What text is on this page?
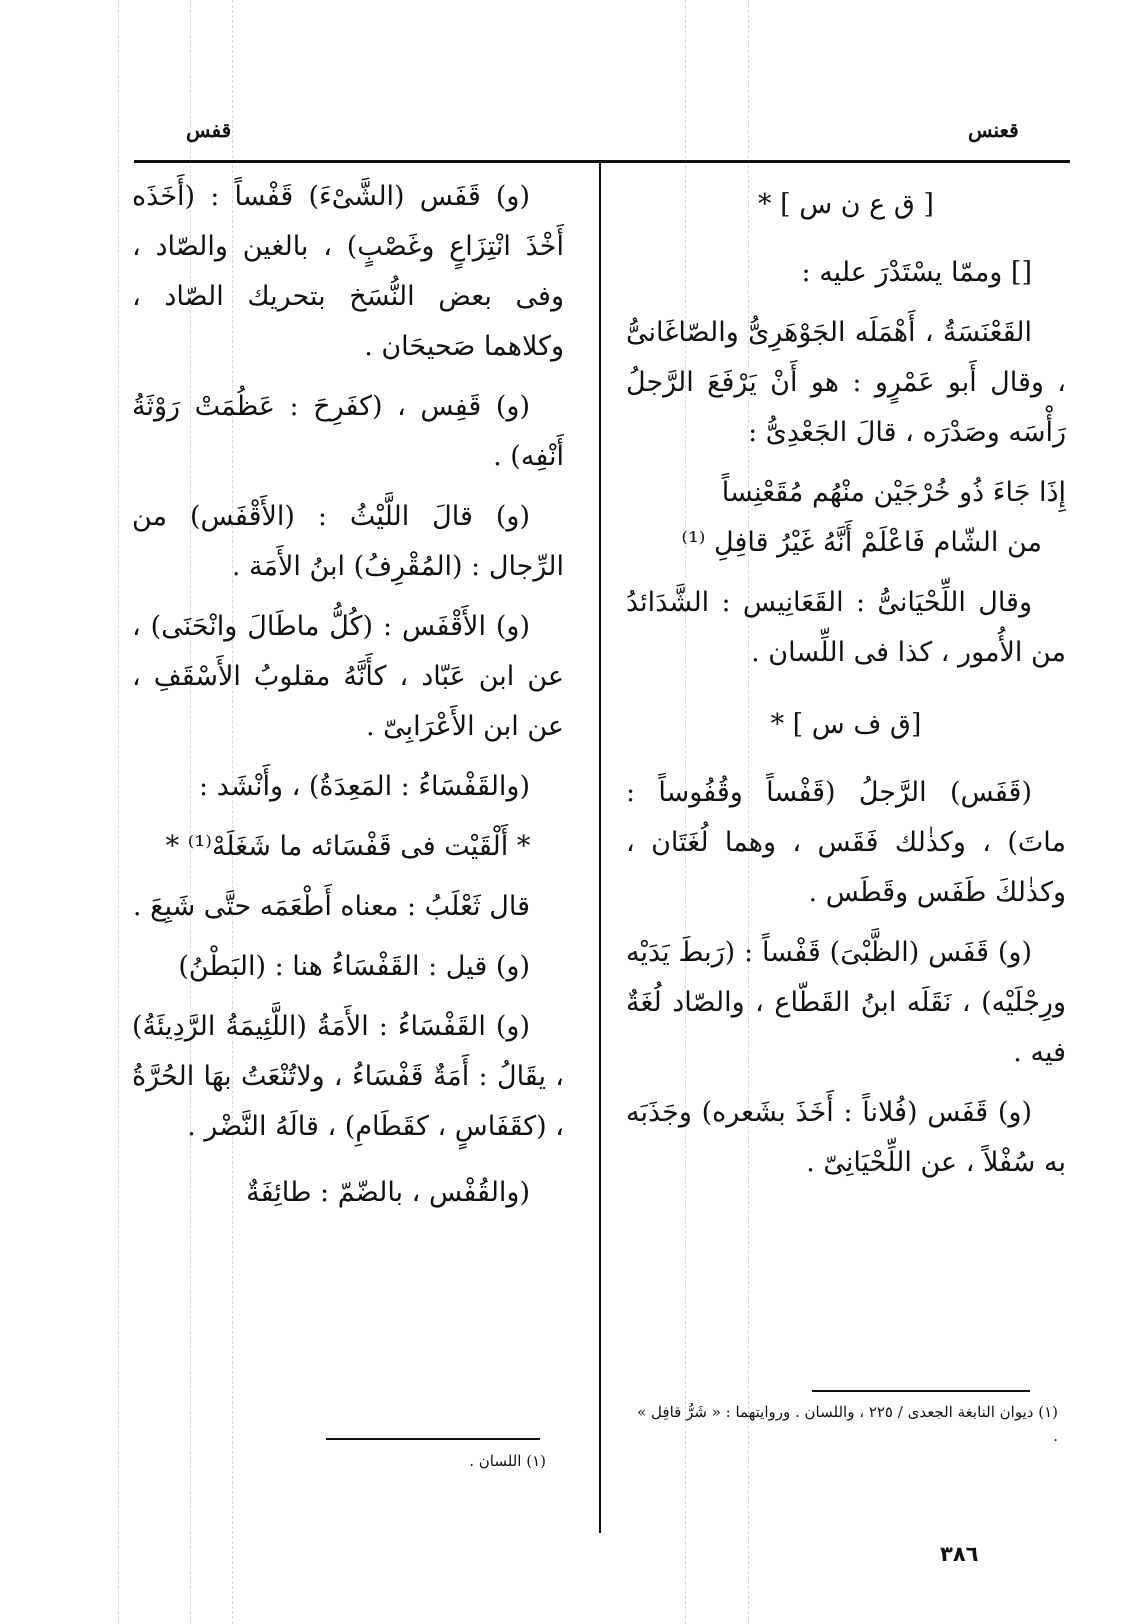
قعنس
قفس

[ ق ع ن س ] *

[] وممّا يسْتَدْرَ عليه :

القَعْنَسَةُ ، أَهْمَلَه الجَوْهَرِىُّ والصّاغَانىُّ ، وقال أَبو عَمْرٍو : هو أَنْ يَرْفَعَ الرَّجلُ رَأْسَه وصَدْرَه ، قالَ الجَعْدِىُّ :

إِذَا جَاءَ ذُو خُرْجَيْن منْهُم مُقَعْنِساً

من الشّام فَاعْلَمْ أَنَّهُ غَيْرُ قافِلِ ⁽¹⁾

وقال اللِّحْيَانىُّ : القَعَانِيس : الشَّدَائدُ من الأُمور ، كذا فى اللِّسان .

[ق ف س ] *

(قَفَس) الرَّجلُ (قَفْساً وقُفُوساً : ماتَ) ، وكذٰلك فَقَس ، وهما لُغَتَان ، وكذٰلكَ طَفَس وقَطَس .

(و) قَفَس (الظَّبْىَ) قَفْساً : (رَبطَ يَدَيْه ورِجْلَيْه) ، نَقَلَه ابنُ القَطّاع ، والصّاد لُغَةٌ فيه .

(و) قَفَس (فُلاناً : أَخَذَ بشَعره) وجَذَبَه به سُفْلاً ، عن اللِّحْيَانِىّ .

(و) قَفَس (الشَّىْءَ) قَفْساً : (أَخَذَه أَخْذَ انْتِزَاعٍ وغَصْبٍ) ، بالغين والصّاد ، وفى بعض النُّسَخ بتحريك الصّاد ، وكلاهما صَحيحَان .

(و) قَفِس ، (كفَرِحَ : عَظُمَتْ رَوْثَةُ أَنْفِه) .

(و) قالَ اللَّيْثُ : (الأَقْفَس) من الرِّجال : (المُقْرِفُ) ابنُ الأَمَة .

(و) الأَقْفَس : (كُلُّ ماطَالَ وانْحَنَى) ، عن ابن عَبّاد ، كأَنَّهُ مقلوبُ الأَسْقَفِ ، عن ابن الأَعْرَابِىّ .

(والقَفْسَاءُ : المَعِدَةُ) ، وأَنْشَد :

* أَلْقَيْت فى قَفْسَائه ما شَغَلَهْ⁽¹⁾ *

قال ثَعْلَبُ : معناه أَطْعَمَه حتَّى شَبِعَ .

(و) قيل : القَفْسَاءُ هنا : (البَطْنُ)

(و) القَفْسَاءُ : الأَمَةُ (اللَّئِيمَةُ الرَّدِيئَةُ) ، يقَالُ : أَمَةٌ قَفْسَاءُ ، ولاتُنْعَتُ بهَا الحُرَّةُ ، (كقَفَاسٍ ، كقَطَامِ) ، قالَهُ النَّضْر .

(والقُفْس ، بالضّمّ : طائِفَةٌ

(١) ديوان النابغة الجعدى / ٢٢٥ ، واللسان . وروايتهما : « شَرُّ قافِل » .
(١) اللسان .
٣٨٦
